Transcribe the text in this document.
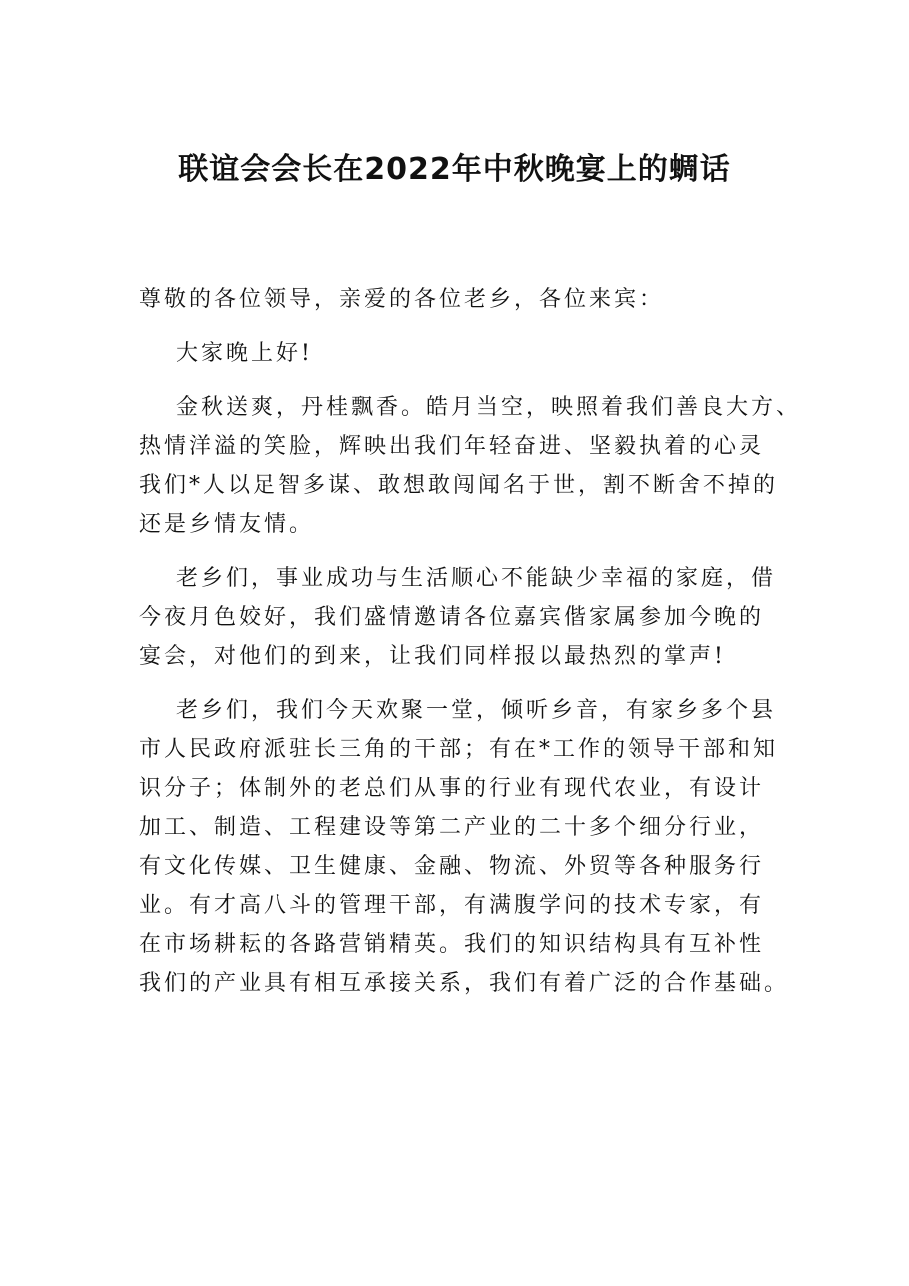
联谊会会长在2022年中秋晚宴上的蜩话
尊敬的各位领导，亲爱的各位老乡，各位来宾：
大家晚上好!
金秋送爽，丹桂飘香。皓月当空，映照着我们善良大方、
热情洋溢的笑脸，辉映出我们年轻奋进、坚毅执着的心灵
我们*人以足智多谋、敢想敢闯闻名于世，割不断舍不掉的
还是乡情友情。
老乡们，事业成功与生活顺心不能缺少幸福的家庭，借
今夜月色姣好，我们盛情邀请各位嘉宾偕家属参加今晚的
宴会，对他们的到来，让我们同样报以最热烈的掌声!
老乡们，我们今天欢聚一堂，倾听乡音，有家乡多个县
市人民政府派驻长三角的干部；有在*工作的领导干部和知
识分子；体制外的老总们从事的行业有现代农业，有设计
加工、制造、工程建设等第二产业的二十多个细分行业，
有文化传媒、卫生健康、金融、物流、外贸等各种服务行
业。有才高八斗的管理干部，有满腹学问的技术专家，有
在市场耕耘的各路营销精英。我们的知识结构具有互补性
我们的产业具有相互承接关系，我们有着广泛的合作基础。
